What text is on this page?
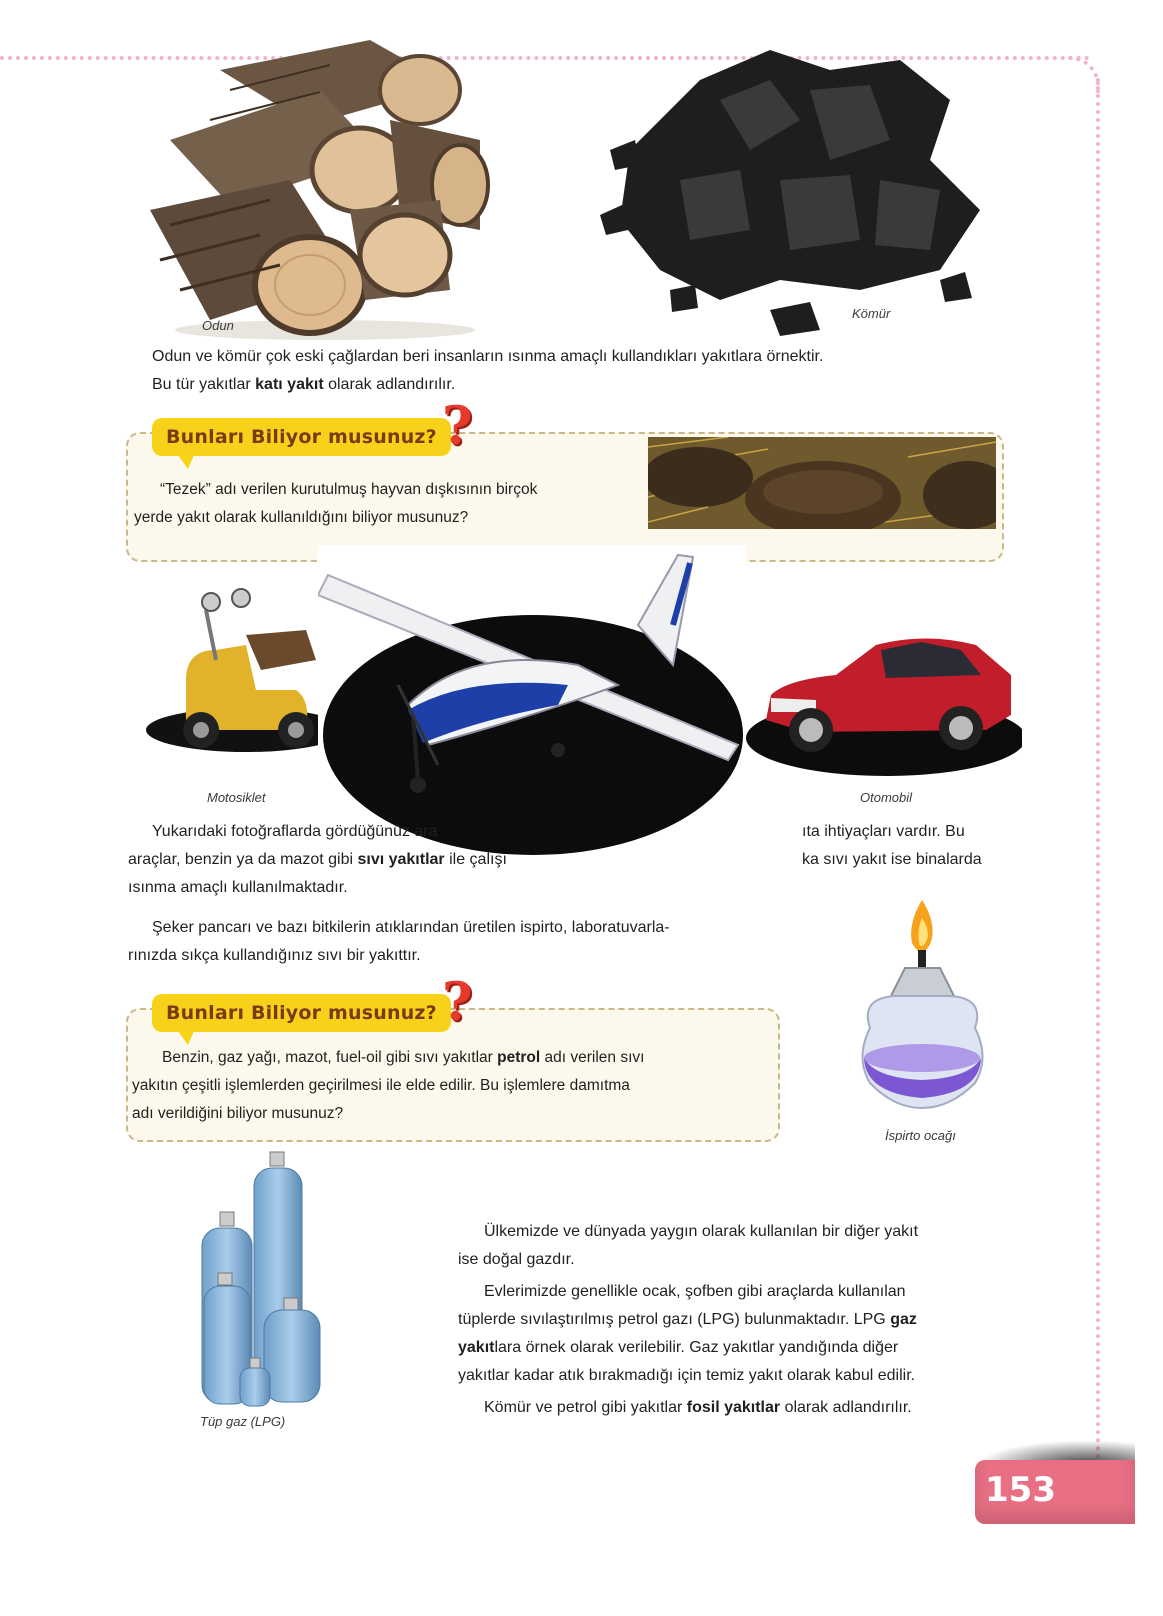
Odun
Kömür
Odun ve kömür çok eski çağlardan beri insanların ısınma amaçlı kullandıkları yakıtlara örnektir.
Bu tür yakıtlar katı yakıt olarak adlandırılır.
Bunları Biliyor musunuz? ?
“Tezek” adı verilen kurutulmuş hayvan dışkısının birçok
yerde yakıt olarak kullanıldığını biliyor musunuz?
Motosiklet	Otomobil
Yukarıdaki fotoğraflarda gördüğünüz ara	ıta ihtiyaçları vardır. Bu
araçlar, benzin ya da mazot gibi sıvı yakıtlar ile çalışı	ka sıvı yakıt ise binalarda
ısınma amaçlı kullanılmaktadır.
Şeker pancarı ve bazı bitkilerin atıklarından üretilen ispirto, laboratuvarla-
rınızda sıkça kullandığınız sıvı bir yakıttır.
İspirto ocağı
Bunları Biliyor musunuz? ?
Benzin, gaz yağı, mazot, fuel-oil gibi sıvı yakıtlar petrol adı verilen sıvı
yakıtın çeşitli işlemlerden geçirilmesi ile elde edilir. Bu işlemlere damıtma
adı verildiğini biliyor musunuz?
Tüp gaz (LPG)
Ülkemizde ve dünyada yaygın olarak kullanılan bir diğer yakıt
ise doğal gazdır.
Evlerimizde genellikle ocak, şofben gibi araçlarda kullanılan
tüplerde sıvılaştırılmış petrol gazı (LPG) bulunmaktadır. LPG gaz
yakıtlara örnek olarak verilebilir. Gaz yakıtlar yandığında diğer
yakıtlar kadar atık bırakmadığı için temiz yakıt olarak kabul edilir.
Kömür ve petrol gibi yakıtlar fosil yakıtlar olarak adlandırılır.
153
